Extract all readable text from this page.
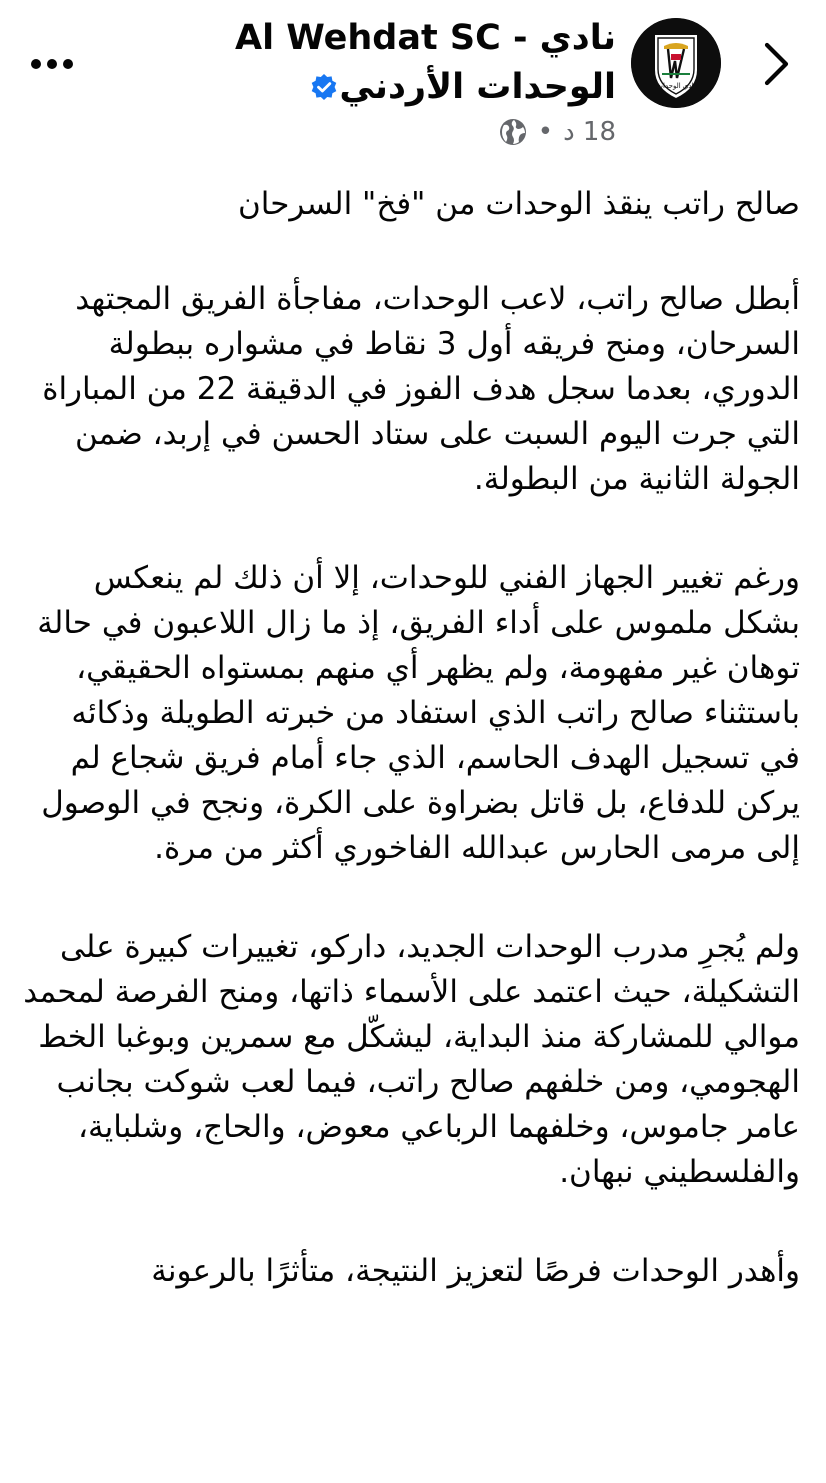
نادي الوحدات
نادي - Al Wehdat SC
الوحدات الأردني
18 د
•

صالح راتب ينقذ الوحدات من "فخ" السرحان

أبطل صالح راتب، لاعب الوحدات، مفاجأة الفريق المجتهد السرحان، ومنح فريقه أول 3 نقاط في مشواره ببطولة الدوري، بعدما سجل هدف الفوز في الدقيقة 22 من المباراة التي جرت اليوم السبت على ستاد الحسن في إربد، ضمن الجولة الثانية من البطولة.

ورغم تغيير الجهاز الفني للوحدات، إلا أن ذلك لم ينعكس بشكل ملموس على أداء الفريق، إذ ما زال اللاعبون في حالة توهان غير مفهومة، ولم يظهر أي منهم بمستواه الحقيقي، باستثناء صالح راتب الذي استفاد من خبرته الطويلة وذكائه في تسجيل الهدف الحاسم، الذي جاء أمام فريق شجاع لم يركن للدفاع، بل قاتل بضراوة على الكرة، ونجح في الوصول إلى مرمى الحارس عبدالله الفاخوري أكثر من مرة.

ولم يُجرِ مدرب الوحدات الجديد، داركو، تغييرات كبيرة على التشكيلة، حيث اعتمد على الأسماء ذاتها، ومنح الفرصة لمحمد موالي للمشاركة منذ البداية، ليشكّل مع سمرين وبوغبا الخط الهجومي، ومن خلفهم صالح راتب، فيما لعب شوكت بجانب عامر جاموس، وخلفهما الرباعي معوض، والحاج، وشلباية، والفلسطيني نبهان.

وأهدر الوحدات فرصًا لتعزيز النتيجة، متأثرًا بالرعونة
